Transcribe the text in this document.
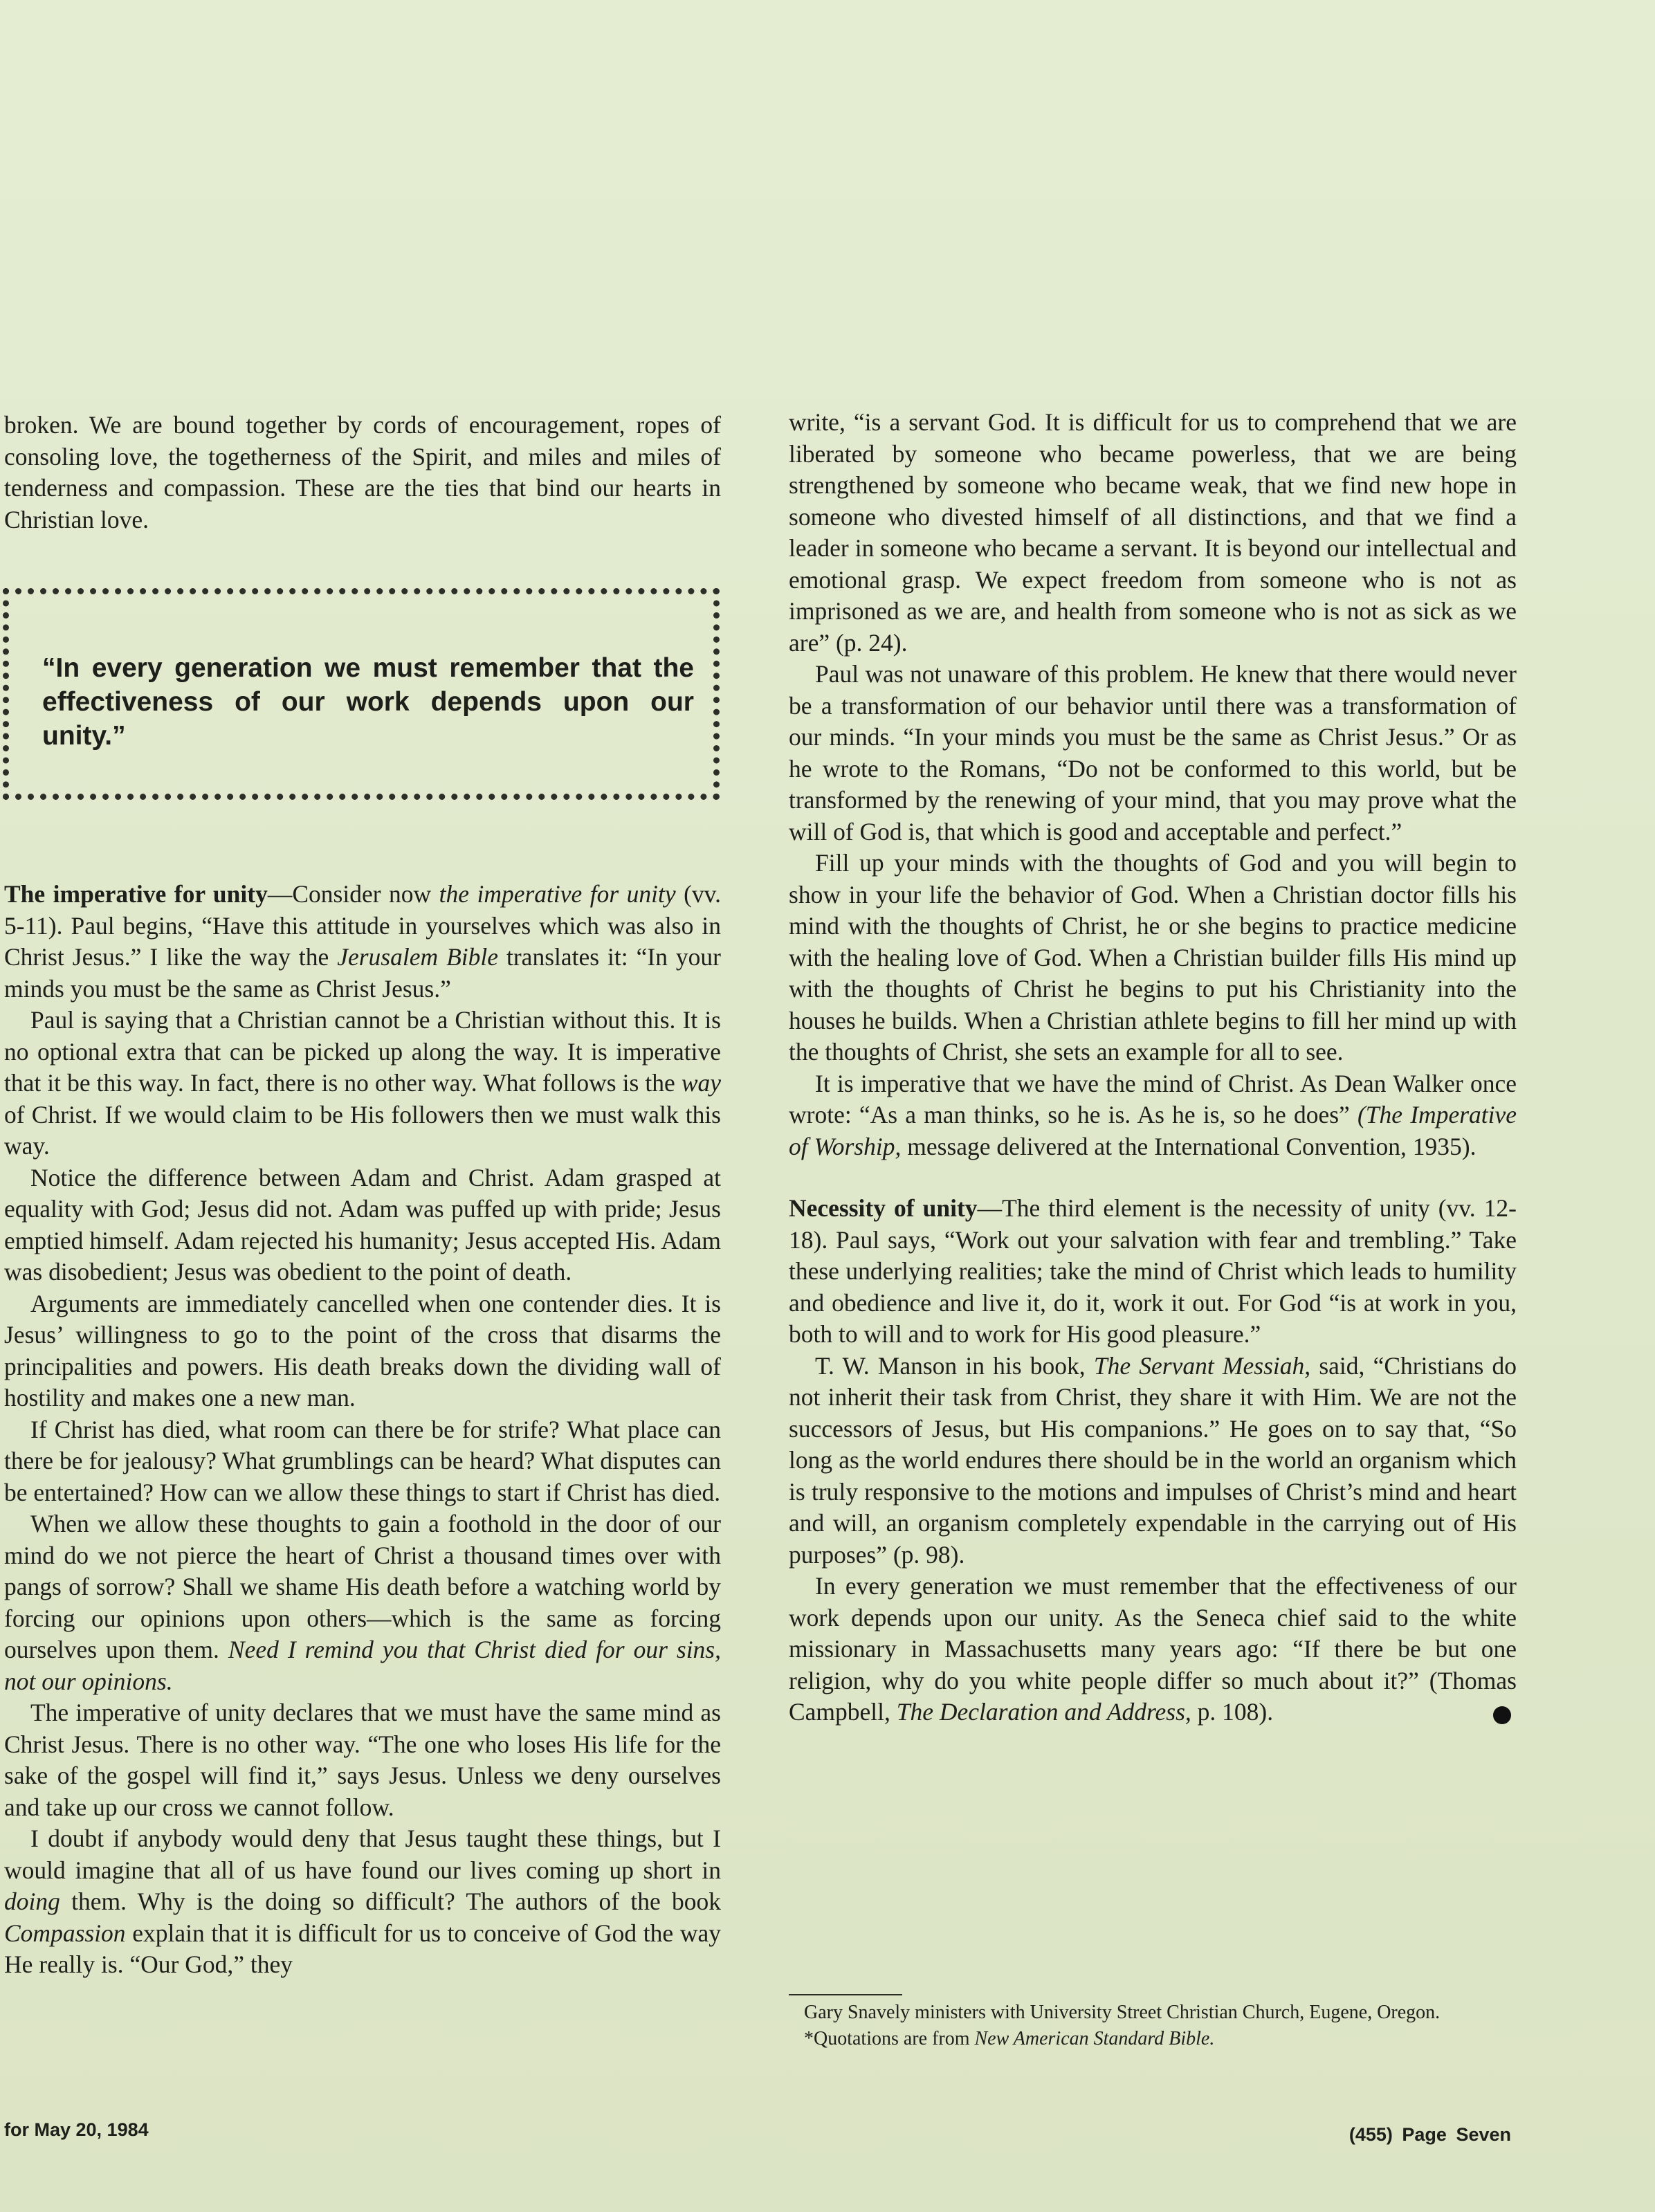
broken. We are bound together by cords of encouragement, ropes of consoling love, the togetherness of the Spirit, and miles and miles of tenderness and compassion. These are the ties that bind our hearts in Christian love.

The imperative for unity—Consider now the imperative for unity (vv. 5-11). Paul begins, “Have this attitude in yourselves which was also in Christ Jesus.” I like the way the Jerusalem Bible translates it: “In your minds you must be the same as Christ Jesus.”

Paul is saying that a Christian cannot be a Christian without this. It is no optional extra that can be picked up along the way. It is imperative that it be this way. In fact, there is no other way. What follows is the way of Christ. If we would claim to be His followers then we must walk this way.

Notice the difference between Adam and Christ. Adam grasped at equality with God; Jesus did not. Adam was puffed up with pride; Jesus emptied himself. Adam rejected his humanity; Jesus accepted His. Adam was disobedient; Jesus was obedient to the point of death.

Arguments are immediately cancelled when one contender dies. It is Jesus’ willingness to go to the point of the cross that disarms the principalities and powers. His death breaks down the dividing wall of hostility and makes one a new man.

If Christ has died, what room can there be for strife? What place can there be for jealousy? What grumblings can be heard? What disputes can be entertained? How can we allow these things to start if Christ has died.

When we allow these thoughts to gain a foothold in the door of our mind do we not pierce the heart of Christ a thousand times over with pangs of sorrow? Shall we shame His death before a watching world by forcing our opinions upon others—which is the same as forcing ourselves upon them. Need I remind you that Christ died for our sins, not our opinions.

The imperative of unity declares that we must have the same mind as Christ Jesus. There is no other way. “The one who loses His life for the sake of the gospel will find it,” says Jesus. Unless we deny ourselves and take up our cross we cannot follow.

I doubt if anybody would deny that Jesus taught these things, but I would imagine that all of us have found our lives coming up short in doing them. Why is the doing so difficult? The authors of the book Compassion explain that it is difficult for us to conceive of God the way He really is. “Our God,” they

“In every generation we must remember that the effectiveness of our work depends upon our unity.”

write, “is a servant God. It is difficult for us to comprehend that we are liberated by someone who became powerless, that we are being strengthened by someone who became weak, that we find new hope in someone who divested himself of all distinctions, and that we find a leader in someone who became a servant. It is beyond our intellectual and emotional grasp. We expect freedom from someone who is not as imprisoned as we are, and health from someone who is not as sick as we are” (p. 24).

Paul was not unaware of this problem. He knew that there would never be a transformation of our behavior until there was a transformation of our minds. “In your minds you must be the same as Christ Jesus.” Or as he wrote to the Romans, “Do not be conformed to this world, but be transformed by the renewing of your mind, that you may prove what the will of God is, that which is good and acceptable and perfect.”

Fill up your minds with the thoughts of God and you will begin to show in your life the behavior of God. When a Christian doctor fills his mind with the thoughts of Christ, he or she begins to practice medicine with the healing love of God. When a Christian builder fills His mind up with the thoughts of Christ he begins to put his Christianity into the houses he builds. When a Christian athlete begins to fill her mind up with the thoughts of Christ, she sets an example for all to see.

It is imperative that we have the mind of Christ. As Dean Walker once wrote: “As a man thinks, so he is. As he is, so he does” (The Imperative of Worship, message delivered at the International Convention, 1935).

Necessity of unity—The third element is the necessity of unity (vv. 12-18). Paul says, “Work out your salvation with fear and trembling.” Take these underlying realities; take the mind of Christ which leads to humility and obedience and live it, do it, work it out. For God “is at work in you, both to will and to work for His good pleasure.”

T. W. Manson in his book, The Servant Messiah, said, “Christians do not inherit their task from Christ, they share it with Him. We are not the successors of Jesus, but His companions.” He goes on to say that, “So long as the world endures there should be in the world an organism which is truly responsive to the motions and impulses of Christ’s mind and heart and will, an organism completely expendable in the carrying out of His purposes” (p. 98).

In every generation we must remember that the effectiveness of our work depends upon our unity. As the Seneca chief said to the white missionary in Massachusetts many years ago: “If there be but one religion, why do you white people differ so much about it?” (Thomas Campbell, The Declaration and Address, p. 108).

Gary Snavely ministers with University Street Christian Church, Eugene, Oregon.

*Quotations are from New American Standard Bible.

for May 20, 1984	(455) Page Seven
